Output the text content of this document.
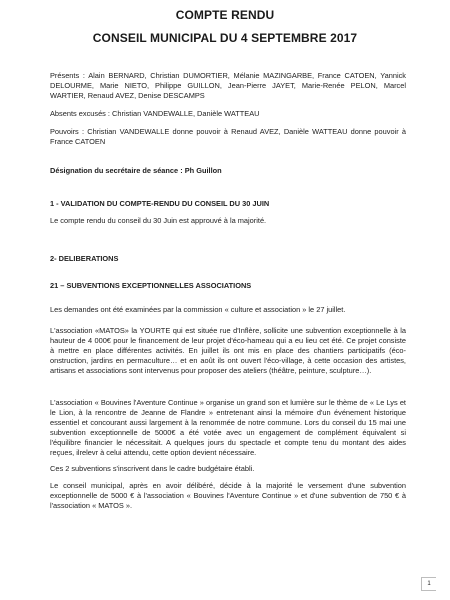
COMPTE RENDU
CONSEIL MUNICIPAL DU 4 SEPTEMBRE 2017

Présents : Alain BERNARD, Christian DUMORTIER, Mélanie MAZINGARBE, France CATOEN, Yannick DELOURME, Marie NIETO, Philippe GUILLON, Jean-Pierre JAYET, Marie-Renée PELON, Marcel WARTIER, Renaud AVEZ, Denise DESCAMPS

Absents excusés : Christian VANDEWALLE, Danièle WATTEAU

Pouvoirs : Christian VANDEWALLE donne pouvoir à Renaud AVEZ, Danièle WATTEAU donne pouvoir à France CATOEN

Désignation du secrétaire de séance : Ph Guillon

1 - VALIDATION DU COMPTE-RENDU DU CONSEIL DU 30 JUIN

Le compte rendu du conseil du 30 Juin est approuvé à la majorité.

2- DELIBERATIONS

21 – SUBVENTIONS EXCEPTIONNELLES ASSOCIATIONS

Les demandes ont été examinées par la commission « culture et association » le 27 juillet.

L'association «MATOS» la YOURTE qui est située rue d'Inflère, sollicite une subvention exceptionnelle à la hauteur de 4 000€ pour le financement de leur projet d'éco-hameau qui a eu lieu cet été. Ce projet consiste à mettre en place différentes activités. En juillet ils ont mis en place des chantiers participatifs (éco-onstruction, jardins en permaculture… et en août ils ont ouvert l'éco-village, à cette occasion des artistes, artisans et associations sont intervenus pour proposer des ateliers (théâtre, peinture, sculpture…).

L'association « Bouvines l'Aventure Continue » organise un grand son et lumière sur le thème de « Le Lys et le Lion, à la rencontre de Jeanne de Flandre » entretenant ainsi la mémoire d'un événement historique essentiel et concourant aussi largement à la renommée de notre commune. Lors du conseil du 15 mai une subvention exceptionnelle de 5000€ a été votée avec un engagement de complément équivalent si l'équilibre financier le nécessitait. A quelques jours du spectacle et compte tenu du montant des aides reçues, ilrelevr à celui attendu, cette option devient nécessaire.

Ces 2 subventions s'inscrivent dans le cadre budgétaire établi.

Le conseil municipal, après en avoir délibéré, décide à la majorité le versement d'une subvention exceptionnelle de 5000 € à l'association « Bouvines l'Aventure Continue » et d'une subvention de 750 € à l'association « MATOS ».

1
